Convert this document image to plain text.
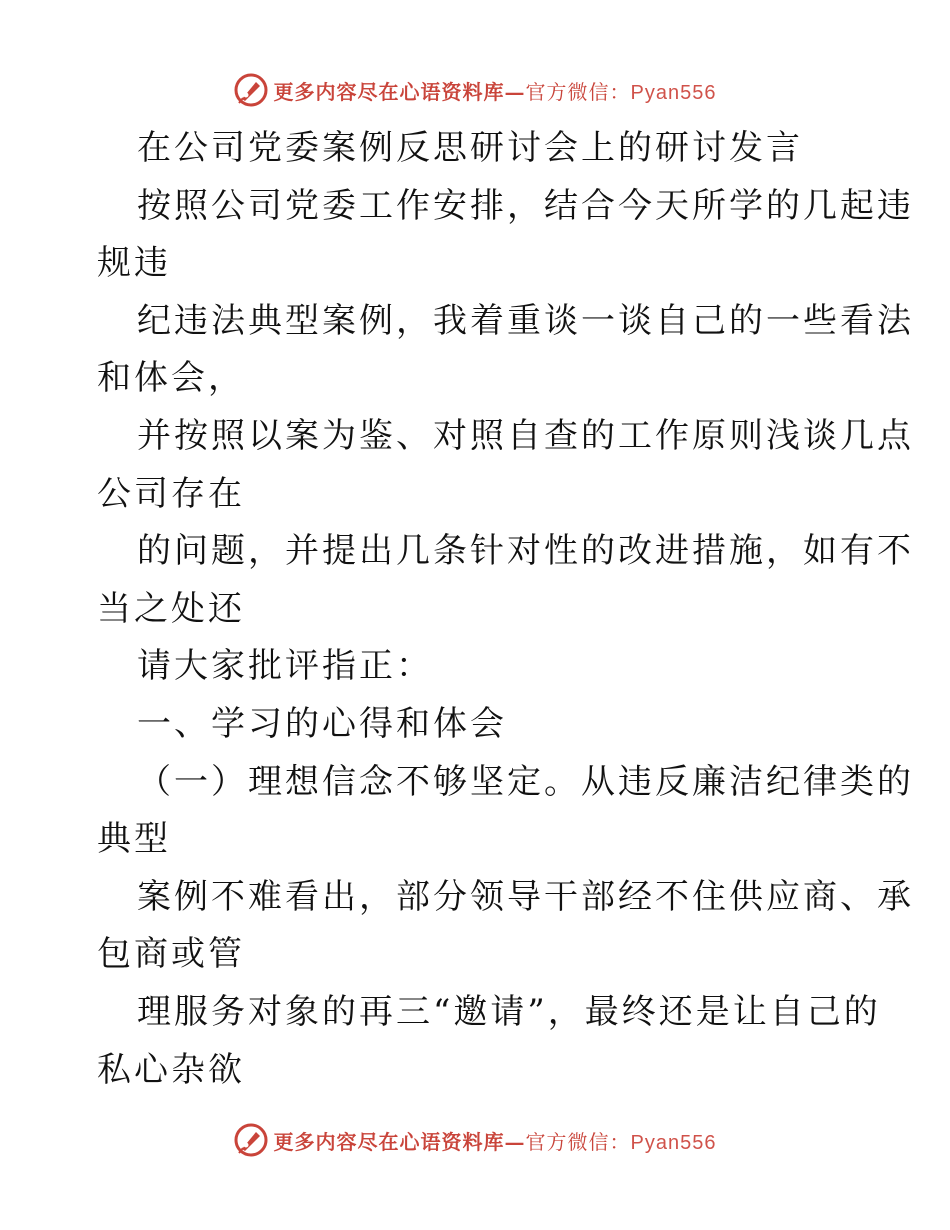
更多内容尽在心语资料库—官方微信：Pyan556
在公司党委案例反思研讨会上的研讨发言
按照公司党委工作安排，结合今天所学的几起违
规违
纪违法典型案例，我着重谈一谈自己的一些看法
和体会，
并按照以案为鉴、对照自查的工作原则浅谈几点
公司存在
的问题，并提出几条针对性的改进措施，如有不
当之处还
请大家批评指正：
一、学习的心得和体会
（一）理想信念不够坚定。从违反廉洁纪律类的
典型
案例不难看出，部分领导干部经不住供应商、承
包商或管
理服务对象的再三“邀请”，最终还是让自己的
私心杂欲
更多内容尽在心语资料库—官方微信：Pyan556
